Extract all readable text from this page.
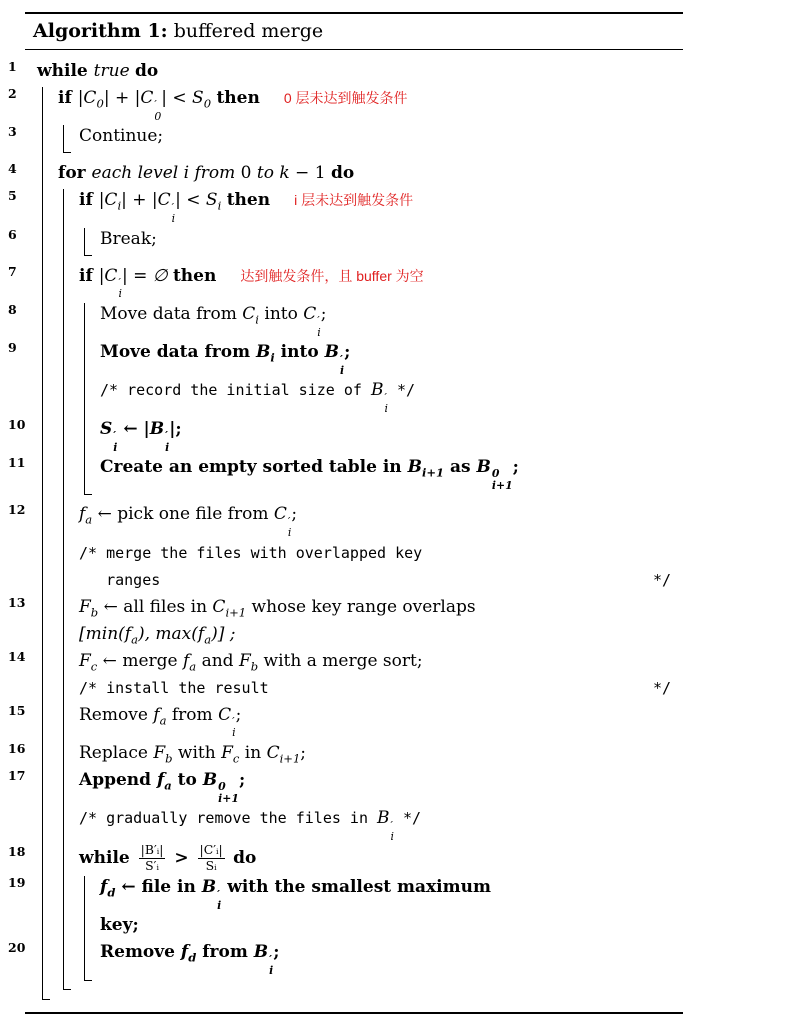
Algorithm 1: buffered merge
1 while true do
2 if $|C_0| + |C$ ′
0
| < $S_0$ then 0 层未达到触发条件
3	Continue;
4 for each level i from 0 to k − 1 do
5	if $|C_i| + |C$ ′
i
| < $S_i$ then i 层未达到触发条件
6	Break;
7	if |C ′
i
| = ∅ then 达到触发条件，且 buffer 为空
8	Move data from $C_i$ into C ′
i
;
9	Move data from $B_i$ into B ′
i
;
/* record the initial size of B ′
i
*/
10	S ′
i
← |B ′
i
|;
11	Create an empty sorted table in $B_{i+1}$ as B 0
i+1
;
12	$f_a$ ← pick one file from C ′
i
;
/* merge the files with overlapped key
ranges	*/
13	$F_b$ ← all files in $C_{i+1}$ whose key range overlaps
[$\min(f_a)$, $\max(f_a)$] ;
14	$F_c$ ← merge $f_a$ and $F_b$ with a merge sort;
/* install the result	*/
15	Remove $f_a$ from C ′
i
;
16	Replace $F_b$ with $F_c$ in $C_{i+1}$;
17	Append $f_a$ to B 0
i+1
;
/* gradually remove the files in B ′
i
*/
18	while $\frac{\text{|B′ᵢ|}}{\text{S′ᵢ}} > \frac{\text{|C′ᵢ|}}{\text{Sᵢ}}$ do
19	$f_d$ ← file in B ′
i
with the smallest maximum
key;
20	Remove $f_d$ from B ′
i
;
